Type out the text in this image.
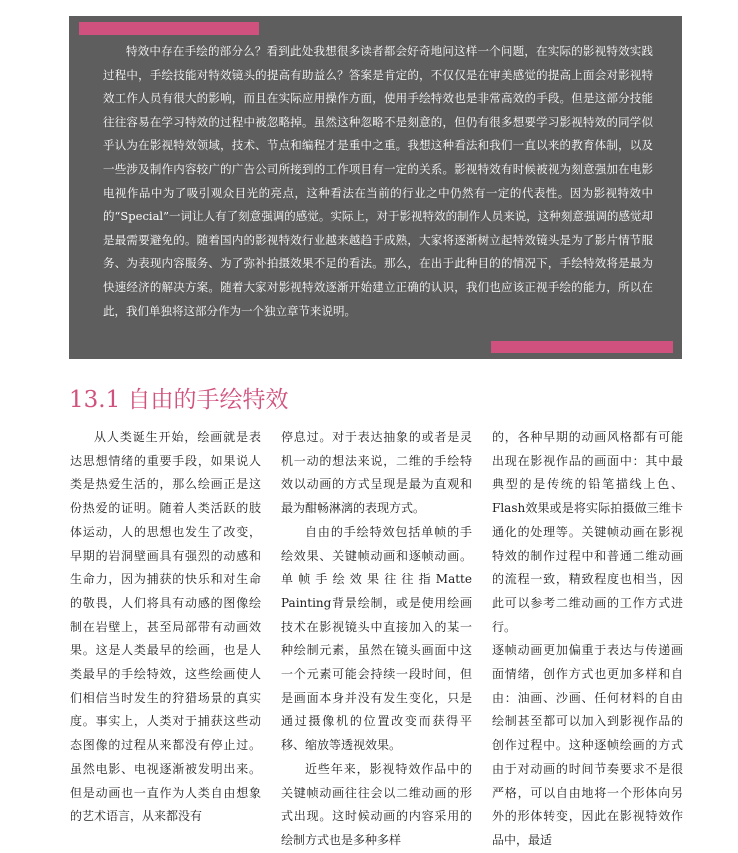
特效中存在手绘的部分么？看到此处我想很多读者都会好奇地问这样一个问题，在实际的影视特效实践过程中，手绘技能对特效镜头的提高有助益么？答案是肯定的，不仅仅是在审美感觉的提高上面会对影视特效工作人员有很大的影响，而且在实际应用操作方面，使用手绘特效也是非常高效的手段。但是这部分技能往往容易在学习特效的过程中被忽略掉。虽然这种忽略不是刻意的，但仍有很多想要学习影视特效的同学似乎认为在影视特效领域，技术、节点和编程才是重中之重。我想这种看法和我们一直以来的教育体制，以及一些涉及制作内容较广的广告公司所接到的工作项目有一定的关系。影视特效有时候被视为刻意强加在电影电视作品中为了吸引观众目光的亮点，这种看法在当前的行业之中仍然有一定的代表性。因为影视特效中的“Special”一词让人有了刻意强调的感觉。实际上，对于影视特效的制作人员来说，这种刻意强调的感觉却是最需要避免的。随着国内的影视特效行业越来越趋于成熟，大家将逐渐树立起特效镜头是为了影片情节服务、为表现内容服务、为了弥补拍摄效果不足的看法。那么，在出于此种目的的情况下，手绘特效将是最为快速经济的解决方案。随着大家对影视特效逐渐开始建立正确的认识，我们也应该正视手绘的能力，所以在此，我们单独将这部分作为一个独立章节来说明。

13.1 自由的手绘特效

从人类诞生开始，绘画就是表达思想情绪的重要手段，如果说人类是热爱生活的，那么绘画正是这份热爱的证明。随着人类活跃的肢体运动，人的思想也发生了改变，早期的岩洞壁画具有强烈的动感和生命力，因为捕获的快乐和对生命的敬畏，人们将具有动感的图像绘制在岩壁上，甚至局部带有动画效果。这是人类最早的绘画，也是人类最早的手绘特效，这些绘画使人们相信当时发生的狩猎场景的真实度。事实上，人类对于捕获这些动态图像的过程从来都没有停止过。虽然电影、电视逐渐被发明出来。但是动画也一直作为人类自由想象的艺术语言，从来都没有

停息过。对于表达抽象的或者是灵机一动的想法来说，二维的手绘特效以动画的方式呈现是最为直观和最为酣畅淋漓的表现方式。

自由的手绘特效包括单帧的手绘效果、关键帧动画和逐帧动画。单帧手绘效果往往指Matte Painting背景绘制，或是使用绘画技术在影视镜头中直接加入的某一种绘制元素，虽然在镜头画面中这一个元素可能会持续一段时间，但是画面本身并没有发生变化，只是通过摄像机的位置改变而获得平移、缩放等透视效果。

近些年来，影视特效作品中的关键帧动画往往会以二维动画的形式出现。这时候动画的内容采用的绘制方式也是多种多样

的，各种早期的动画风格都有可能出现在影视作品的画面中：其中最典型的是传统的铅笔描线上色、Flash效果或是将实际拍摄做三维卡通化的处理等。关键帧动画在影视特效的制作过程中和普通二维动画的流程一致，精致程度也相当，因此可以参考二维动画的工作方式进行。

逐帧动画更加偏重于表达与传递画面情绪，创作方式也更加多样和自由：油画、沙画、任何材料的自由绘制甚至都可以加入到影视作品的创作过程中。这种逐帧绘画的方式由于对动画的时间节奏要求不是很严格，可以自由地将一个形体向另外的形体转变，因此在影视特效作品中，最适
